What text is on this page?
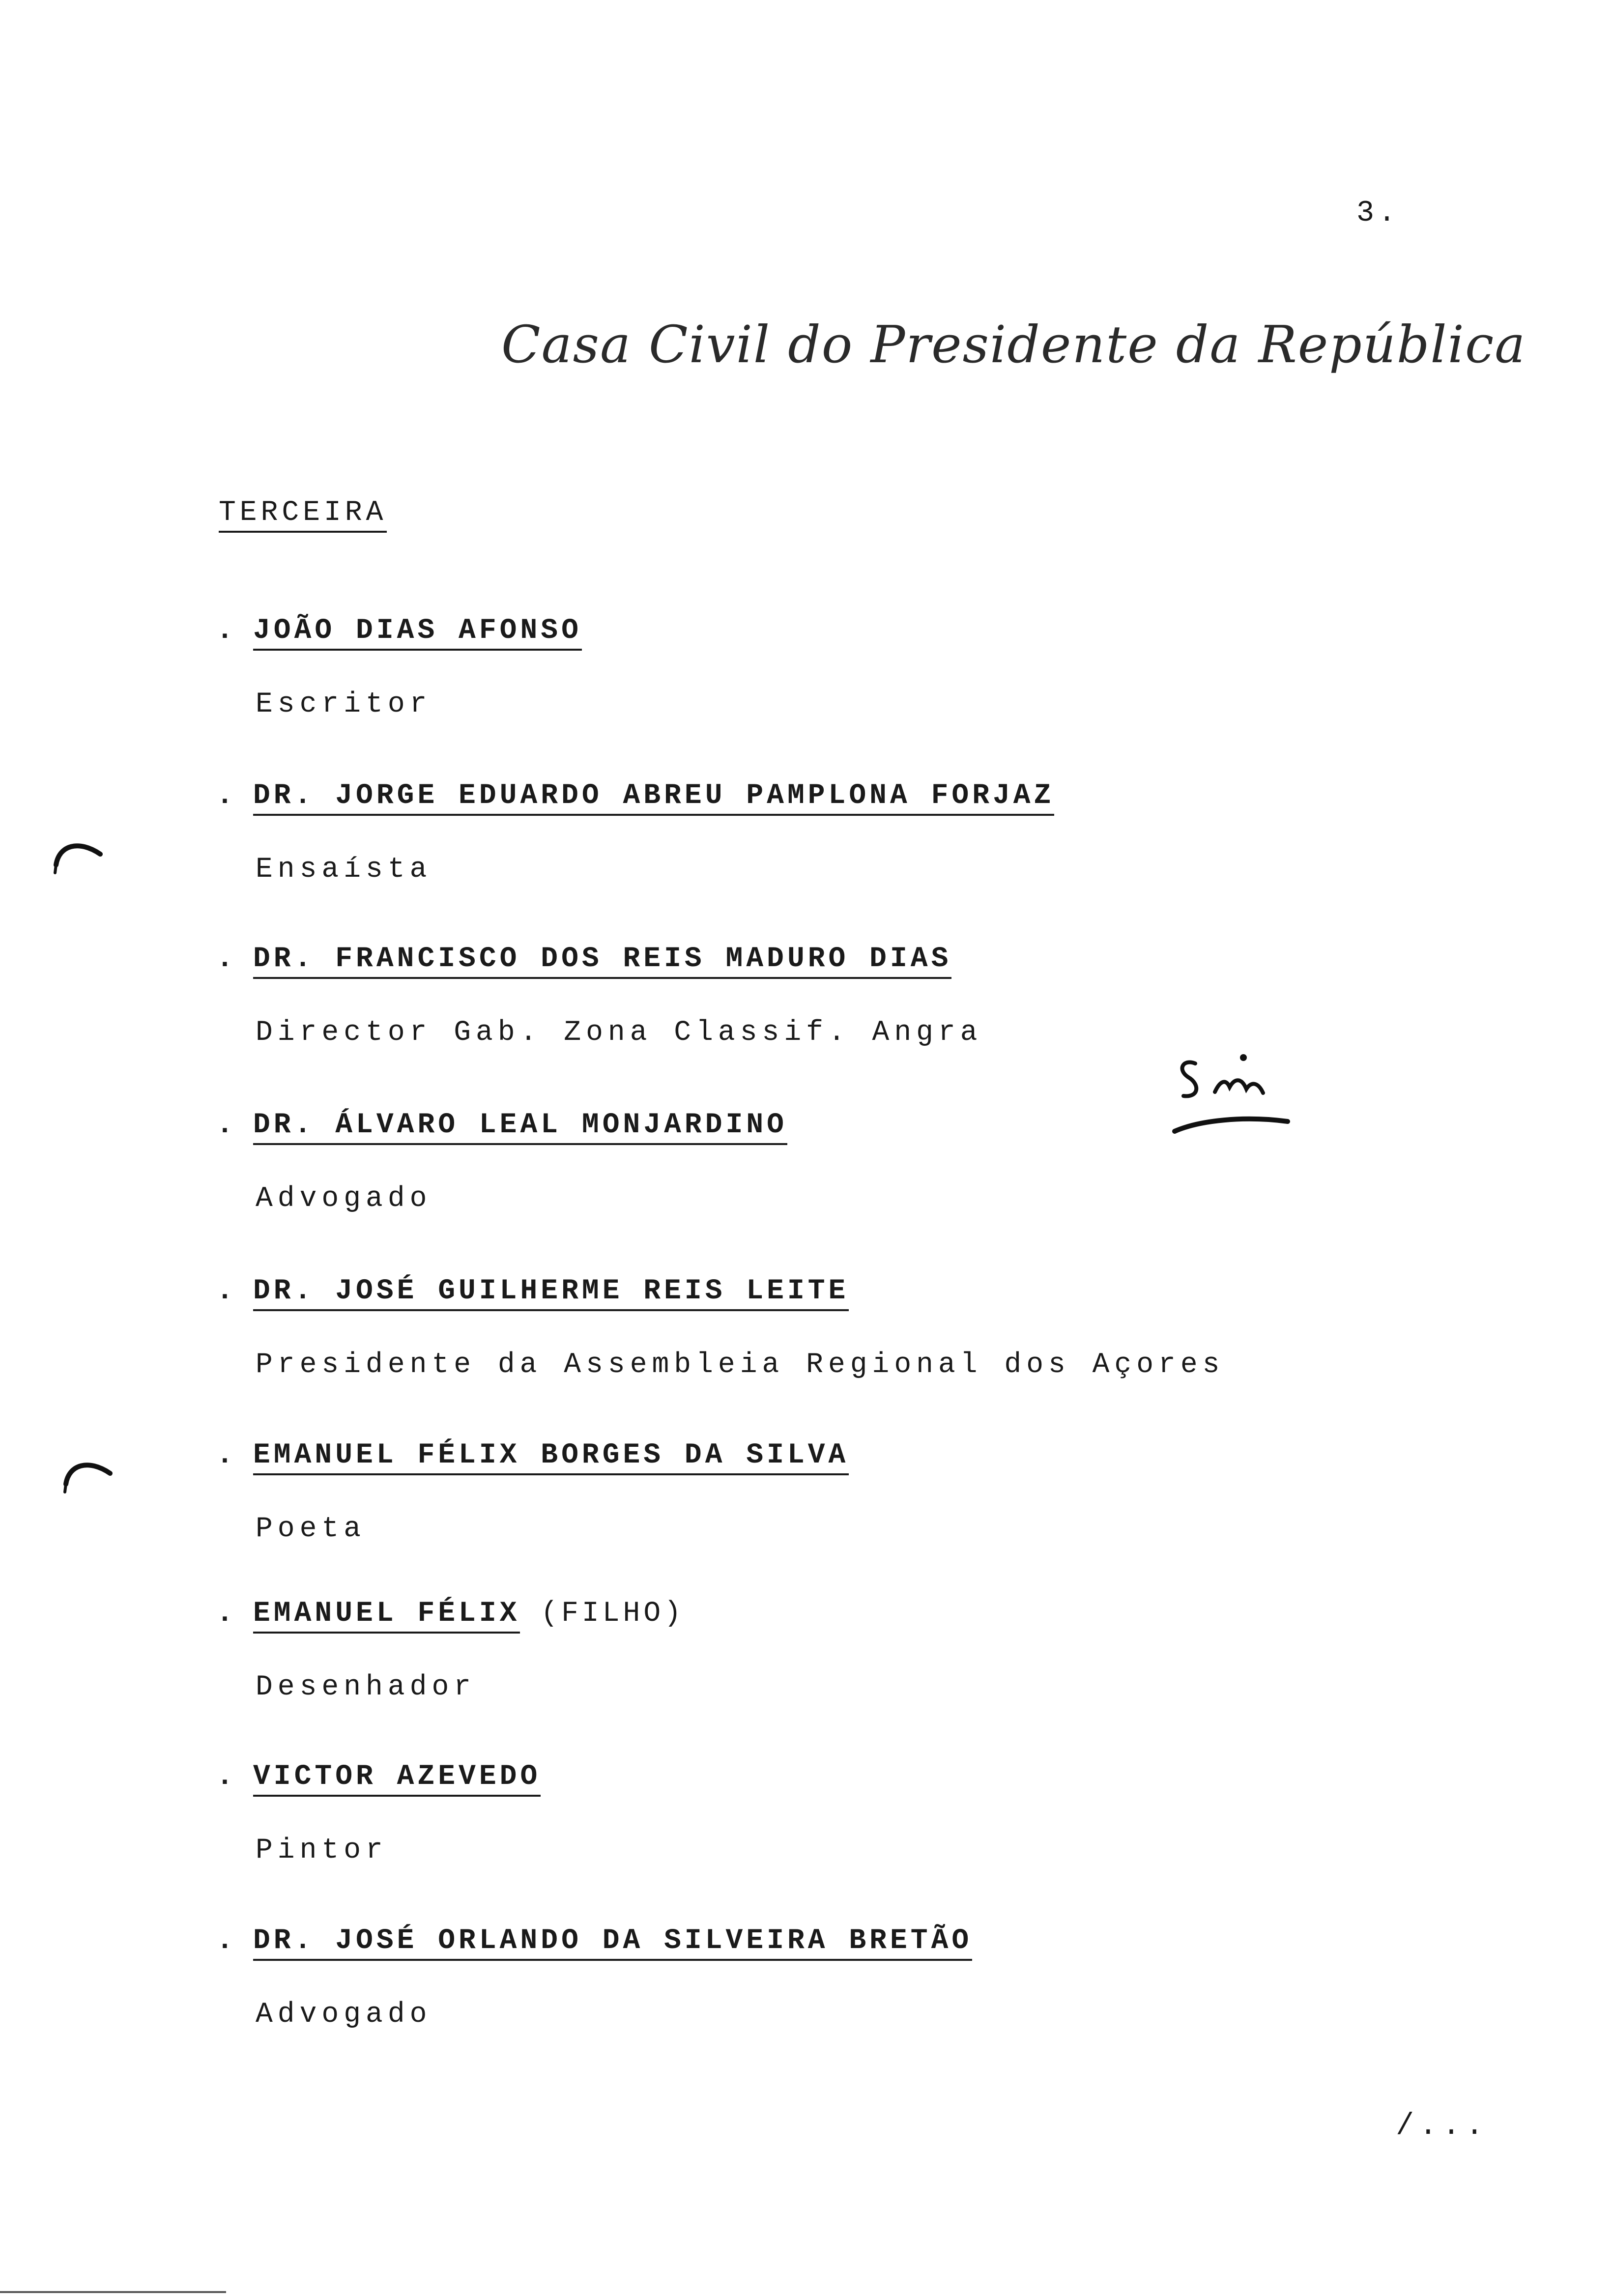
3.
Casa Civil do Presidente da República
TERCEIRA
. JOÃO DIAS AFONSO
Escritor
. DR. JORGE EDUARDO ABREU PAMPLONA FORJAZ
Ensaísta
. DR. FRANCISCO DOS REIS MADURO DIAS
Director Gab. Zona Classif. Angra
. DR. ÁLVARO LEAL MONJARDINO
Advogado
. DR. JOSÉ GUILHERME REIS LEITE
Presidente da Assembleia Regional dos Açores
. EMANUEL FÉLIX BORGES DA SILVA
Poeta
. EMANUEL FÉLIX (FILHO)
Desenhador
. VICTOR AZEVEDO
Pintor
. DR. JOSÉ ORLANDO DA SILVEIRA BRETÃO
Advogado
/...
